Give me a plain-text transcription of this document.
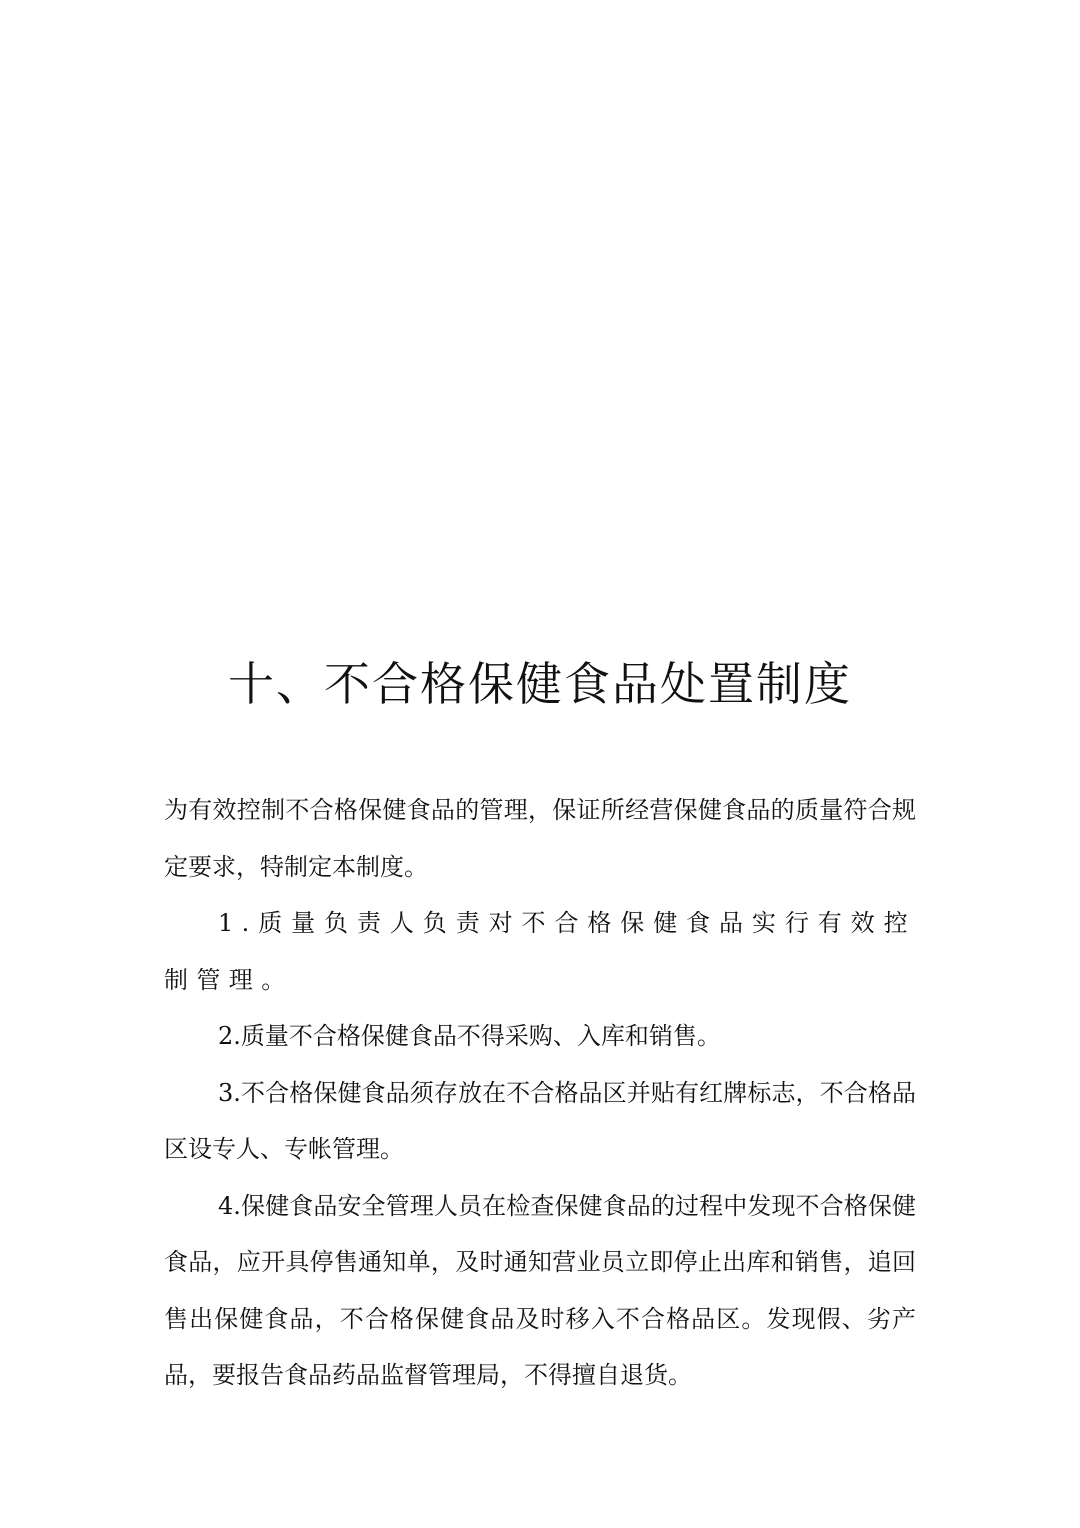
十、不合格保健食品处置制度

为有效控制不合格保健食品的管理，保证所经营保健食品的质量符合规定要求，特制定本制度。

1.质量负责人负责对不合格保健食品实行有效控制管理。

2.质量不合格保健食品不得采购、入库和销售。

3.不合格保健食品须存放在不合格品区并贴有红牌标志，不合格品区设专人、专帐管理。

4.保健食品安全管理人员在检查保健食品的过程中发现不合格保健食品，应开具停售通知单，及时通知营业员立即停止出库和销售，追回售出保健食品，不合格保健食品及时移入不合格品区。发现假、劣产品，要报告食品药品监督管理局，不得擅自退货。
